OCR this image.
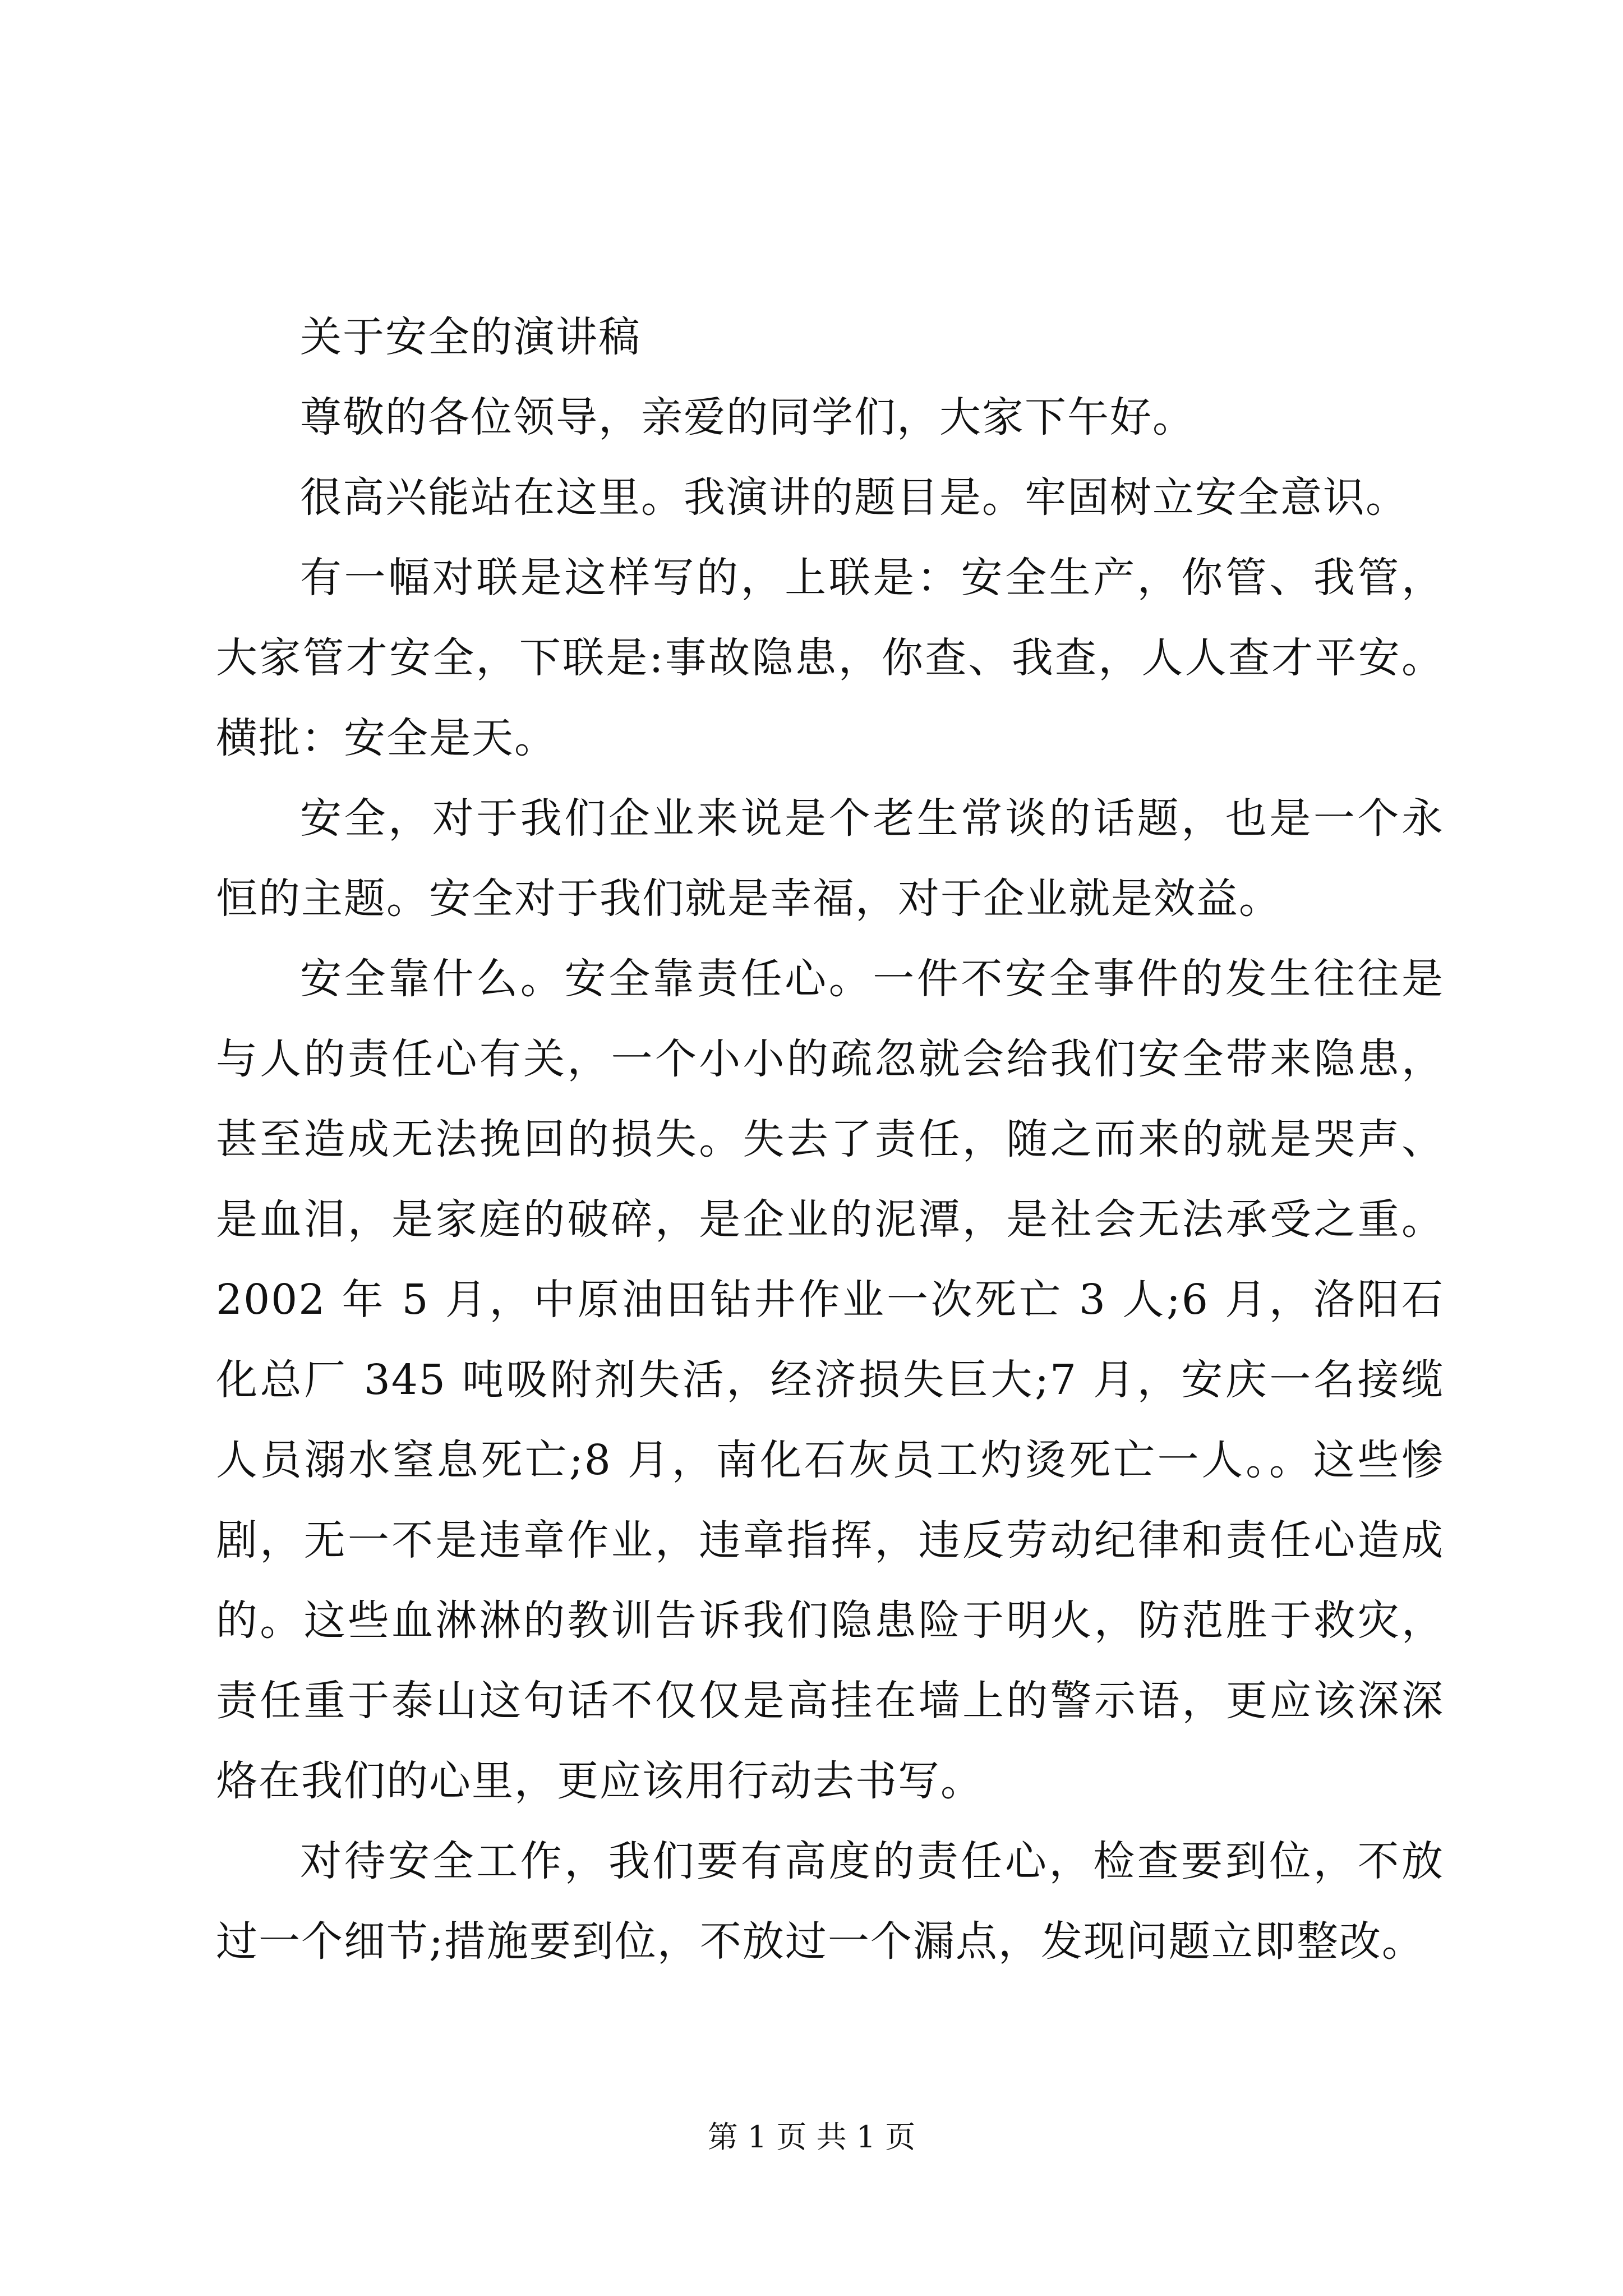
关于安全的演讲稿

尊敬的各位领导，亲爱的同学们，大家下午好。

很高兴能站在这里。我演讲的题目是。牢固树立安全意识。

有一幅对联是这样写的，上联是：安全生产，你管、我管，大家管才安全，下联是:事故隐患，你查、我查，人人查才平安。横批：安全是天。

安全，对于我们企业来说是个老生常谈的话题，也是一个永恒的主题。安全对于我们就是幸福，对于企业就是效益。

安全靠什么。安全靠责任心。一件不安全事件的发生往往是与人的责任心有关，一个小小的疏忽就会给我们安全带来隐患，甚至造成无法挽回的损失。失去了责任，随之而来的就是哭声、是血泪，是家庭的破碎，是企业的泥潭，是社会无法承受之重。2002 年 5 月，中原油田钻井作业一次死亡 3 人;6 月，洛阳石化总厂 345 吨吸附剂失活，经济损失巨大;7 月，安庆一名接缆人员溺水窒息死亡;8 月，南化石灰员工灼烫死亡一人。。这些惨剧，无一不是违章作业，违章指挥，违反劳动纪律和责任心造成的。这些血淋淋的教训告诉我们隐患险于明火，防范胜于救灾，责任重于泰山这句话不仅仅是高挂在墙上的警示语，更应该深深烙在我们的心里，更应该用行动去书写。

对待安全工作，我们要有高度的责任心，检查要到位，不放过一个细节;措施要到位，不放过一个漏点，发现问题立即整改。

第 1 页 共 1 页
